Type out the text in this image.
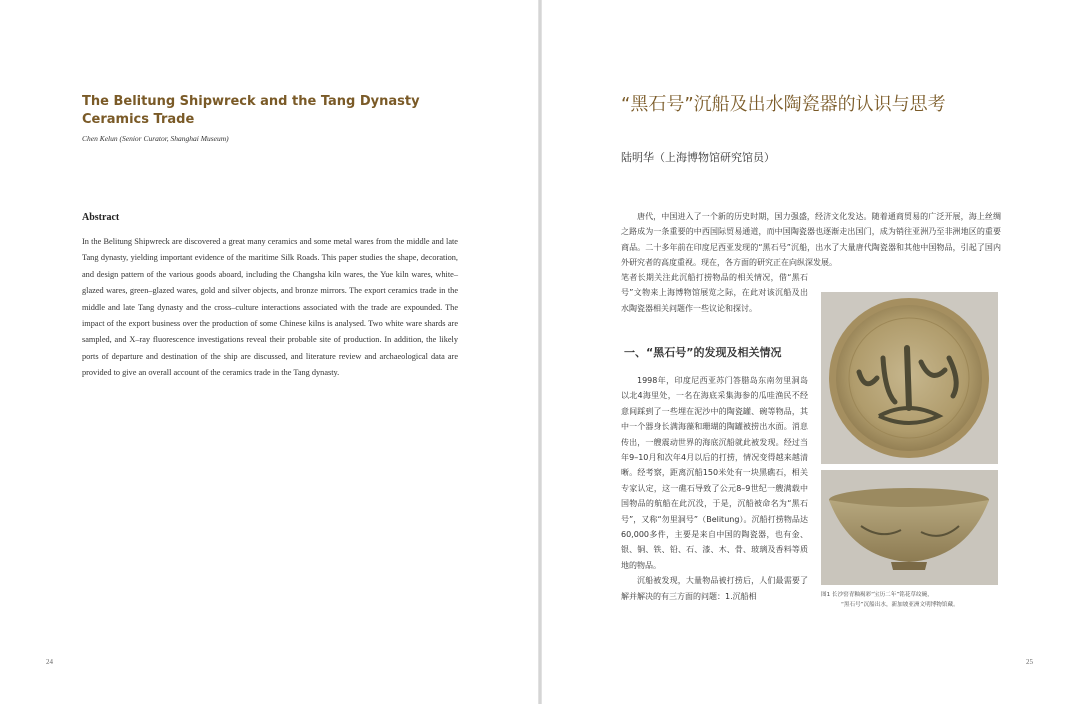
The Belitung Shipwreck and the Tang Dynasty Ceramics Trade
Chen Kelun (Senior Curator, Shanghai Museum)
Abstract

In the Belitung Shipwreck are discovered a great many ceramics and some metal wares from the middle and late Tang dynasty, yielding important evidence of the maritime Silk Roads. This paper studies the shape, decoration, and design pattern of the various goods aboard, including the Changsha kiln wares, the Yue kiln wares, white–glazed wares, green–glazed wares, gold and silver objects, and bronze mirrors. The export ceramics trade in the middle and late Tang dynasty and the cross–culture interactions associated with the trade are expounded. The impact of the export business over the production of some Chinese kilns is analysed. Two white ware shards are sampled, and X–ray fluorescence investigations reveal their probable site of production. In addition, the likely ports of departure and destination of the ship are discussed, and literature review and archaeological data are provided to give an overall account of the ceramics trade in the Tang dynasty.

24
“黑石号”沉船及出水陶瓷器的认识与思考
陆明华（上海博物馆研究馆员）

唐代，中国进入了一个新的历史时期，国力强盛，经济文化发达。随着通商贸易的广泛开展，海上丝绸之路成为一条重要的中西国际贸易通道，而中国陶瓷器也逐渐走出国门，成为销往亚洲乃至非洲地区的重要商品。二十多年前在印度尼西亚发现的“黑石号”沉船，出水了大量唐代陶瓷器和其他中国物品，引起了国内外研究者的高度重视。现在，各方面的研究正在向纵深发展。

笔者长期关注此沉船打捞物品的相关情况，借“黑石号”文物来上海博物馆展览之际，在此对该沉船及出水陶瓷器相关问题作一些议论和探讨。

一、“黑石号”的发现及相关情况

1998年，印度尼西亚苏门答腊岛东南勿里洞岛以北4海里处，一名在海底采集海参的瓜哇渔民不经意间踩到了一些埋在泥沙中的陶瓷罐、碗等物品，其中一个器身长满海藻和珊瑚的陶罐被捞出水面。消息传出，一艘震动世界的海底沉船就此被发现。经过当年9–10月和次年4月以后的打捞，情况变得越来越清晰。经考察，距离沉船150米处有一块黑礁石，相关专家认定，这一礁石导致了公元8–9世纪一艘满载中国物品的航船在此沉没，于是，沉船被命名为“黑石号”，又称“勿里洞号”（Belitung）。沉船打捞物品达60,000多件，主要是来自中国的陶瓷器，也有金、银、铜、铁、铅、石、漆、木、骨、玻璃及香料等质地的物品。

沉船被发现，大量物品被打捞后，人们最需要了解并解决的有三方面的问题：1.沉船相	图1 长沙窑青釉褐彩“宝历二年”铭花草纹碗，
“黑石号”沉船出水，新加坡亚洲文明博物馆藏。
25
